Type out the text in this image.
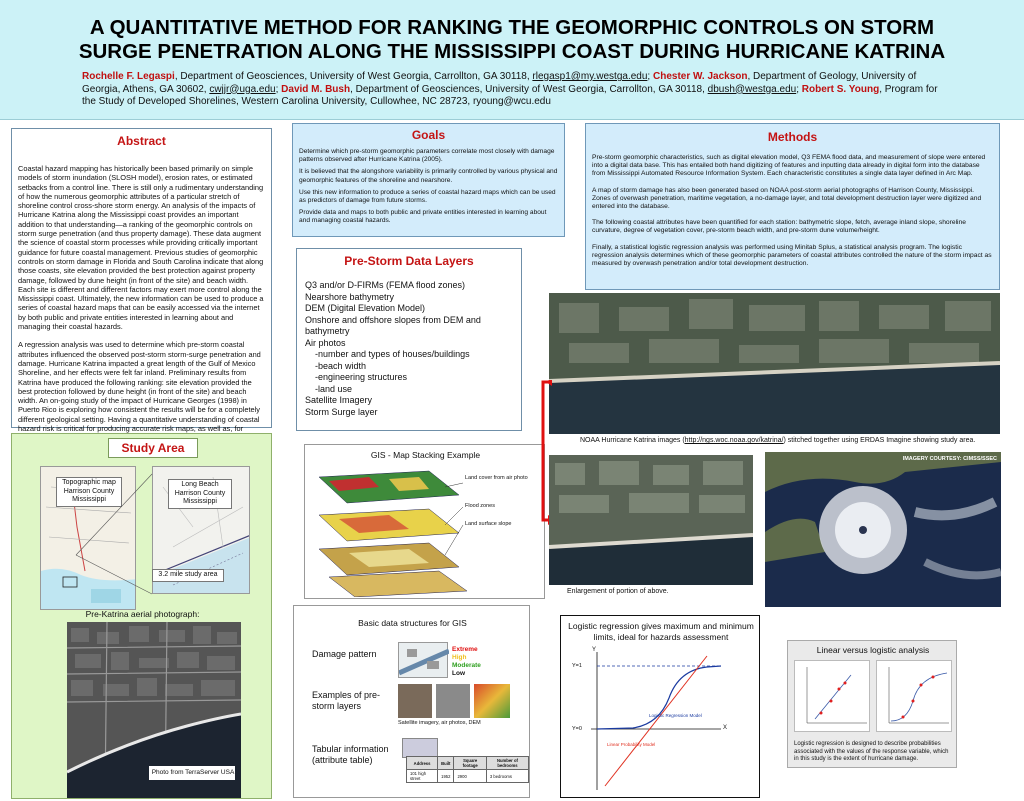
A QUANTITATIVE METHOD FOR RANKING THE GEOMORPHIC CONTROLS ON STORM
SURGE PENETRATION ALONG THE MISSISSIPPI COAST DURING HURRICANE KATRINA
Rochelle F. Legaspi, Department of Geosciences, University of West Georgia, Carrollton, GA 30118, rlegasp1@my.westga.edu; Chester W. Jackson, Department of Geology, University of Georgia, Athens, GA 30602, cwjjr@uga.edu; David M. Bush, Department of Geosciences, University of West Georgia, Carrollton, GA 30118, dbush@westga.edu; Robert S. Young, Program for the Study of Developed Shorelines, Western Carolina University, Cullowhee, NC 28723, ryoung@wcu.edu
Abstract

Coastal hazard mapping has historically been based primarily on simple models of storm inundation (SLOSH model), erosion rates, or estimated setbacks from a control line. There is still only a rudimentary understanding of how the numerous geomorphic attributes of a particular stretch of shoreline control cross-shore storm energy. An analysis of the impacts of Hurricane Katrina along the Mississippi coast provides an important addition to that understanding—a ranking of the geomorphic controls on storm surge penetration (and thus property damage). These data augment the science of coastal storm processes while providing critically important guidance for future coastal management. Previous studies of geomorphic controls on storm damage in Florida and South Carolina indicate that along those coasts, site elevation provided the best protection against property damage, followed by dune height (in front of the site) and beach width. Each site is different and different factors may exert more control along the Mississippi coast. Ultimately, the new information can be used to produce a series of coastal hazard maps that can be easily accessed via the internet by both public and private entities interested in learning about and managing their coastal hazards.

A regression analysis was used to determine which pre-storm coastal attributes influenced the observed post-storm storm-surge penetration and damage. Hurricane Katrina impacted a great length of the Gulf of Mexico Shoreline, and her effects were felt far inland. Preliminary results from Katrina have produced the following ranking: site elevation provided the best protection followed by dune height (in front of the site) and beach width. An on-going study of the impact of Hurricane Georges (1998) in Puerto Rico is exploring how consistent the results will be for a completely different geological setting. Having a quantitative understanding of coastal hazard risk is critical for producing accurate risk maps, as well as, for

Study Area
Topographic map Harrison County Mississippi
Long Beach Harrison County Mississippi
3.2 mile study area
Pre-Katrina aerial photograph:
Photo from TerraServer USA
Goals

Determine which pre-storm geomorphic parameters correlate most closely with damage patterns observed after Hurricane Katrina (2005).

It is believed that the alongshore variability is primarily controlled by various physical and geomorphic features of the shoreline and nearshore.

Use this new information to produce a series of coastal hazard maps which can be used as predictors of damage from future storms.

Provide data and maps to both public and private entities interested in learning about and managing coastal hazards.

Pre-Storm Data Layers
Q3 and/or D-FIRMs (FEMA flood zones)
Nearshore bathymetry
DEM (Digital Elevation Model)
Onshore and offshore slopes from DEM and bathymetry
Air photos
-number and types of houses/buildings
-beach width
-engineering structures
-land use
Satellite Imagery
Storm Surge layer
GIS - Map Stacking Example
Land cover from air photo
Flood zones
Land surface slope
Basic data structures for GIS
Damage pattern	Extreme
High
Moderate
Low
Examples of pre-storm layers
Satellite imagery, air photos, DEM
Tabular information (attribute table)	Address	Built	Square footage	Number of bedrooms
101 high street	1952	2900	3 bedrooms
Methods

Pre-storm geomorphic characteristics, such as digital elevation model, Q3 FEMA flood data, and measurement of slope were entered into a digital data base. This has entailed both hand digitizing of features and inputting data already in digital form into the database from Mississippi Automated Resource Information System. Each characteristic constitutes a single data layer defined in Arc Map.

A map of storm damage has also been generated based on NOAA post-storm aerial photographs of Harrison County, Mississippi. Zones of overwash penetration, maritime vegetation, a no-damage layer, and total development destruction layer were digitized and entered into the database.

The following coastal attributes have been quantified for each station: bathymetric slope, fetch, average inland slope, shoreline curvature, degree of vegetation cover, pre-storm beach width, and pre-storm dune volume/height.

Finally, a statistical logistic regression analysis was performed using Minitab Splus, a statistical analysis program. The logistic regression analysis determines which of these geomorphic parameters of coastal attributes controlled the nature of the storm impact as measured by overwash penetration and/or total development destruction.

NOAA Hurricane Katrina images (http://ngs.woc.noaa.gov/katrina/) stitched together using ERDAS Imagine showing study area.
Enlargement of portion of above.
IMAGERY COURTESY: CIMSS/SSEC
Logistic regression gives maximum and minimum limits, ideal for hazards assessment
Y
X
Y=1
Y=0
Logistic Regression Model
Linear Probability Model
Linear versus logistic analysis
Logistic regression is designed to describe probabilities associated with the values of the response variable, which in this study is the extent of hurricane damage.
